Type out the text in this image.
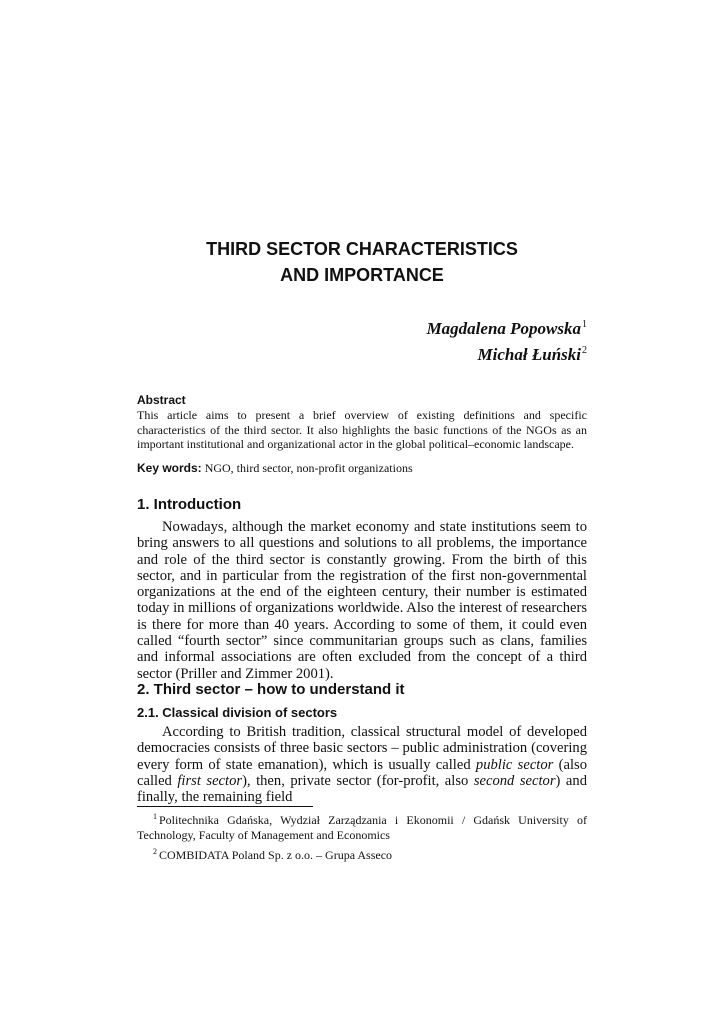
THIRD SECTOR CHARACTERISTICS
AND IMPORTANCE
Magdalena Popowska$^1$
Michał Łuński$^2$
Abstract
This article aims to present a brief overview of existing definitions and specific characteristics of the third sector. It also highlights the basic functions of the NGOs as an important institutional and organizational actor in the global political–economic landscape.
Key words: NGO, third sector, non-profit organizations
1. Introduction

Nowadays, although the market economy and state institutions seem to bring answers to all questions and solutions to all problems, the importance and role of the third sector is constantly growing. From the birth of this sector, and in particular from the registration of the first non-governmental organizations at the end of the eighteen century, their number is estimated today in millions of organizations worldwide. Also the interest of researchers is there for more than 40 years. According to some of them, it could even called “fourth sector” since communitarian groups such as clans, families and informal associations are often excluded from the concept of a third sector (Priller and Zimmer 2001).

2. Third sector – how to understand it
2.1. Classical division of sectors

According to British tradition, classical structural model of developed democracies consists of three basic sectors – public administration (covering every form of state emanation), which is usually called public sector (also called first sector), then, private sector (for-profit, also second sector) and finally, the remaining field

$^1$ Politechnika Gdańska, Wydział Zarządzania i Ekonomii / Gdańsk University of Technology, Faculty of Management and Economics

$^2$ COMBIDATA Poland Sp. z o.o. – Grupa Asseco
